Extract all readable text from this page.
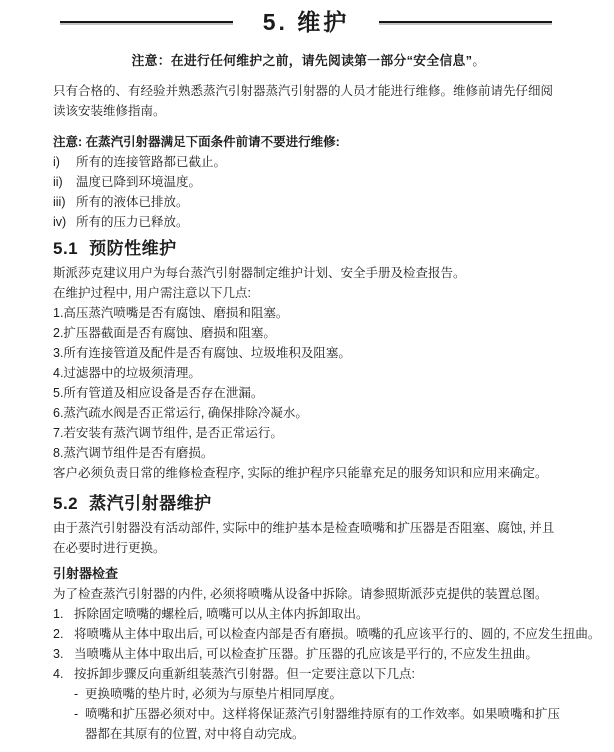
5. 维护
注意：在进行任何维护之前，请先阅读第一部分“安全信息”。
只有合格的、有经验并熟悉蒸汽引射器蒸汽引射器的人员才能进行维修。维修前请先仔细阅读该安装维修指南。
注意: 在蒸汽引射器满足下面条件前请不要进行维修:
i)	所有的连接管路都已截止。
ii)	温度已降到环境温度。
iii) 所有的液体已排放。
iv) 所有的压力已释放。
5.1 预防性维护
斯派莎克建议用户为每台蒸汽引射器制定维护计划、安全手册及检查报告。
在维护过程中, 用户需注意以下几点:
1.高压蒸汽喷嘴是否有腐蚀、磨损和阻塞。
2.扩压器截面是否有腐蚀、磨损和阻塞。
3.所有连接管道及配件是否有腐蚀、垃圾堆积及阻塞。
4.过滤器中的垃圾须清理。
5.所有管道及相应设备是否存在泄漏。
6.蒸汽疏水阀是否正常运行, 确保排除冷凝水。
7.若安装有蒸汽调节组件, 是否正常运行。
8.蒸汽调节组件是否有磨损。
客户必须负责日常的维修检查程序, 实际的维护程序只能靠充足的服务知识和应用来确定。
5.2 蒸汽引射器维护
由于蒸汽引射器没有活动部件, 实际中的维护基本是检查喷嘴和扩压器是否阻塞、腐蚀, 并且在必要时进行更换。
引射器检查
为了检查蒸汽引射器的内件, 必须将喷嘴从设备中拆除。请参照斯派莎克提供的装置总图。
1. 拆除固定喷嘴的螺栓后, 喷嘴可以从主体内拆卸取出。
2. 将喷嘴从主体中取出后, 可以检查内部是否有磨损。喷嘴的孔应该平行的、圆的, 不应发生扭曲。
3. 当喷嘴从主体中取出后, 可以检查扩压器。扩压器的孔应该是平行的, 不应发生扭曲。
4. 按拆卸步骤反向重新组装蒸汽引射器。但一定要注意以下几点:
- 更换喷嘴的垫片时, 必须为与原垫片相同厚度。
- 喷嘴和扩压器必须对中。这样将保证蒸汽引射器维持原有的工作效率。如果喷嘴和扩压器都在其原有的位置, 对中将自动完成。
